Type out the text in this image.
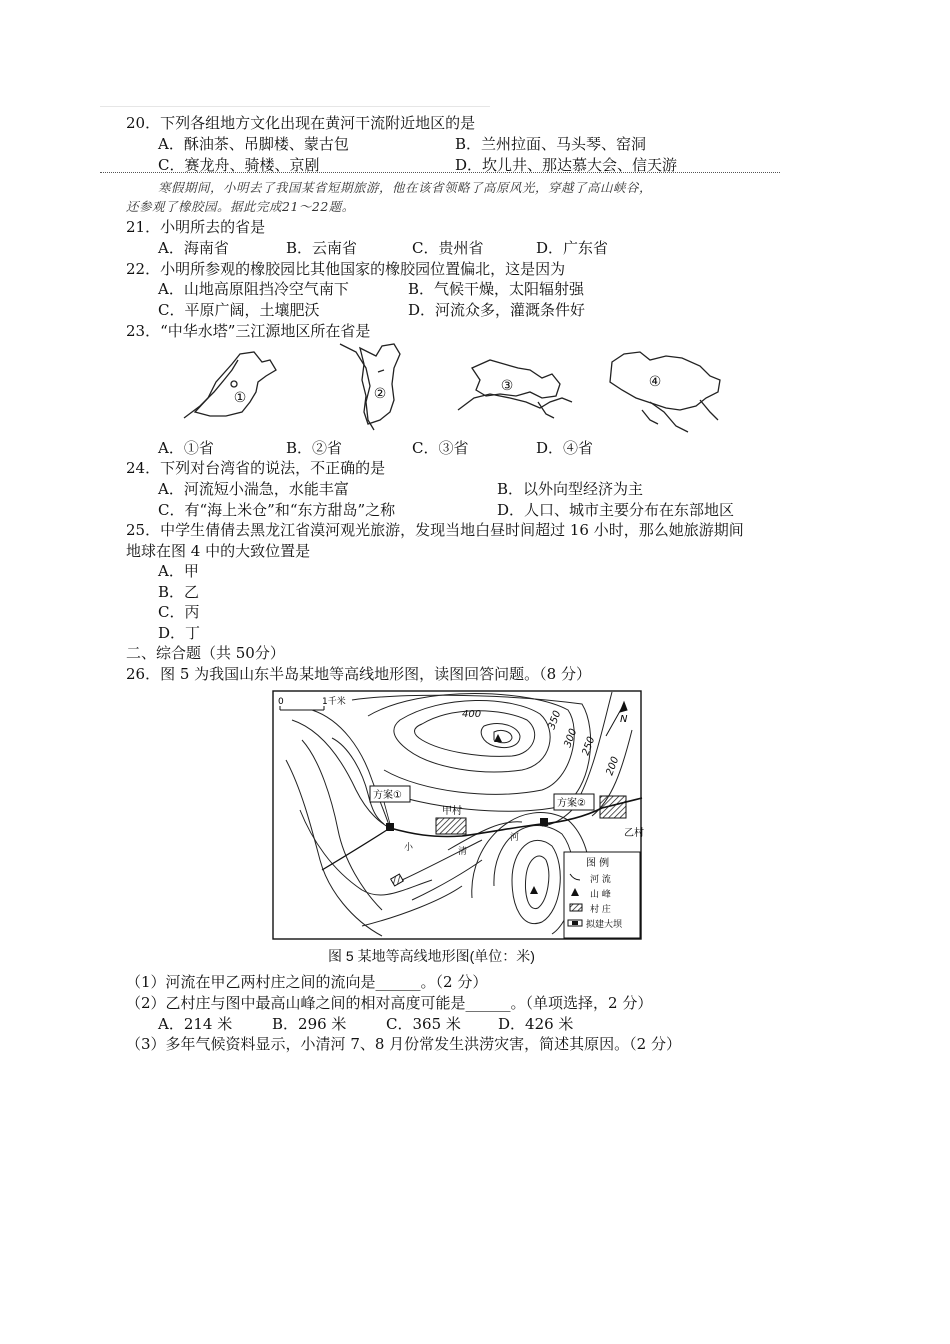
20．下列各组地方文化出现在黄河干流附近地区的是
A．酥油茶、吊脚楼、蒙古包	B．兰州拉面、马头琴、窑洞
C．赛龙舟、骑楼、京剧	D．坎儿井、那达慕大会、信天游
寒假期间，小明去了我国某省短期旅游，他在该省领略了高原风光，穿越了高山峡谷，
还参观了橡胶园。据此完成21～22题。
21．小明所去的省是
A．海南省	B．云南省	C．贵州省	D．广东省
22．小明所参观的橡胶园比其他国家的橡胶园位置偏北，这是因为
A．山地高原阻挡冷空气南下	B．气候干燥，太阳辐射强
C．平原广阔，土壤肥沃	D．河流众多，灌溉条件好
23．“中华水塔”三江源地区所在省是
①	②	③	④
A．①省	B．②省	C．③省	D．④省
24．下列对台湾省的说法，不正确的是
A．河流短小湍急，水能丰富	B．以外向型经济为主
C．有“海上米仓”和“东方甜岛”之称	D．人口、城市主要分布在东部地区
25．中学生倩倩去黑龙江省漠河观光旅游，发现当地白昼时间超过 16 小时，那么她旅游期间
地球在图 4 中的大致位置是
A．甲
B．乙
C．丙
D．丁
二、综合题（共 50分）
26．图 5 为我国山东半岛某地等高线地形图，读图回答问题。（8 分）
0	1千米
N
400	350
300 250
200
方案①
方案②
甲村
乙村
小	清
河
图 例
河 流
山 峰
村 庄
拟建大坝
图 5 某地等高线地形图(单位：米)
（1）河流在甲乙两村庄之间的流向是______。（2 分）
（2）乙村庄与图中最高山峰之间的相对高度可能是______。（单项选择，2 分）
A．214 米	B．296 米	C．365 米 D．426 米
（3）多年气候资料显示，小清河 7、8 月份常发生洪涝灾害，简述其原因。（2 分）
